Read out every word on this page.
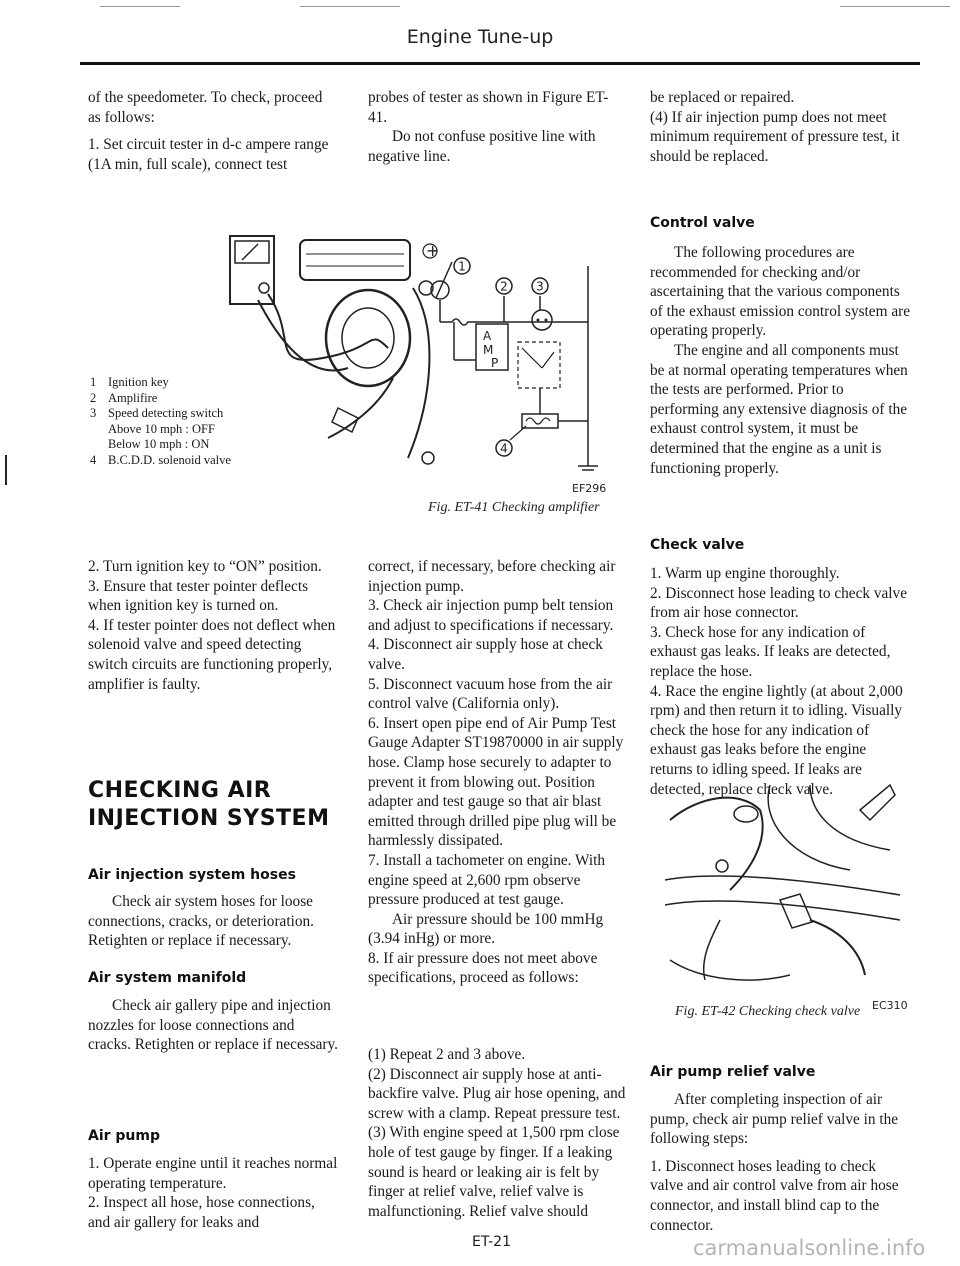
Engine Tune-up

of the speedometer. To check, proceed

as follows:

1. Set circuit tester in d-c ampere range (1A min, full scale), connect test

1 Ignition key
2 Amplifire
3 Speed detecting switch
Above 10 mph : OFF
Below 10 mph : ON
4 B.C.D.D. solenoid valve

2. Turn ignition key to “ON” position.

3. Ensure that tester pointer deflects when ignition key is turned on.

4. If tester pointer does not deflect when solenoid valve and speed detecting switch circuits are functioning properly, amplifier is faulty.

CHECKING AIR
INJECTION SYSTEM
Air injection system hoses

Check air system hoses for loose connections, cracks, or deterioration. Retighten or replace if necessary.

Air system manifold

Check air gallery pipe and injection nozzles for loose connections and cracks. Retighten or replace if necessary.

Air pump

1. Operate engine until it reaches normal operating temperature.

2. Inspect all hose, hose connections, and air gallery for leaks and

probes of tester as shown in Figure ET-41.

Do not confuse positive line with negative line.

+
1
2 3
A
M
P
4
EF296
Fig. ET-41 Checking amplifier

correct, if necessary, before checking air injection pump.

3. Check air injection pump belt tension and adjust to specifications if necessary.

4. Disconnect air supply hose at check valve.

5. Disconnect vacuum hose from the air control valve (California only).

6. Insert open pipe end of Air Pump Test Gauge Adapter ST19870000 in air supply hose. Clamp hose securely to adapter to prevent it from blowing out. Position adapter and test gauge so that air blast emitted through drilled pipe plug will be harmlessly dissipated.

7. Install a tachometer on engine. With engine speed at 2,600 rpm observe pressure produced at test gauge.

Air pressure should be 100 mmHg (3.94 inHg) or more.

8. If air pressure does not meet above specifications, proceed as follows:

(1) Repeat 2 and 3 above.

(2) Disconnect air supply hose at anti-backfire valve. Plug air hose opening, and screw with a clamp. Repeat pressure test.

(3) With engine speed at 1,500 rpm close hole of test gauge by finger. If a leaking sound is heard or leaking air is felt by finger at relief valve, relief valve is malfunctioning. Relief valve should

ET-21

be replaced or repaired.

(4) If air injection pump does not meet minimum requirement of pressure test, it should be replaced.

Control valve

The following procedures are recommended for checking and/or ascertaining that the various components of the exhaust emission control system are operating properly.

The engine and all components must be at normal operating temperatures when the tests are performed. Prior to performing any extensive diagnosis of the exhaust control system, it must be determined that the engine as a unit is functioning properly.

Check valve

1. Warm up engine thoroughly.

2. Disconnect hose leading to check valve from air hose connector.

3. Check hose for any indication of exhaust gas leaks. If leaks are detected, replace the hose.

4. Race the engine lightly (at about 2,000 rpm) and then return it to idling. Visually check the hose for any indication of exhaust gas leaks before the engine returns to idling speed. If leaks are detected, replace check valve.

EC310
Fig. ET-42 Checking check valve
Air pump relief valve

After completing inspection of air pump, check air pump relief valve in the following steps:

1. Disconnect hoses leading to check valve and air control valve from air hose connector, and install blind cap to the connector.

carmanualsonline.info
